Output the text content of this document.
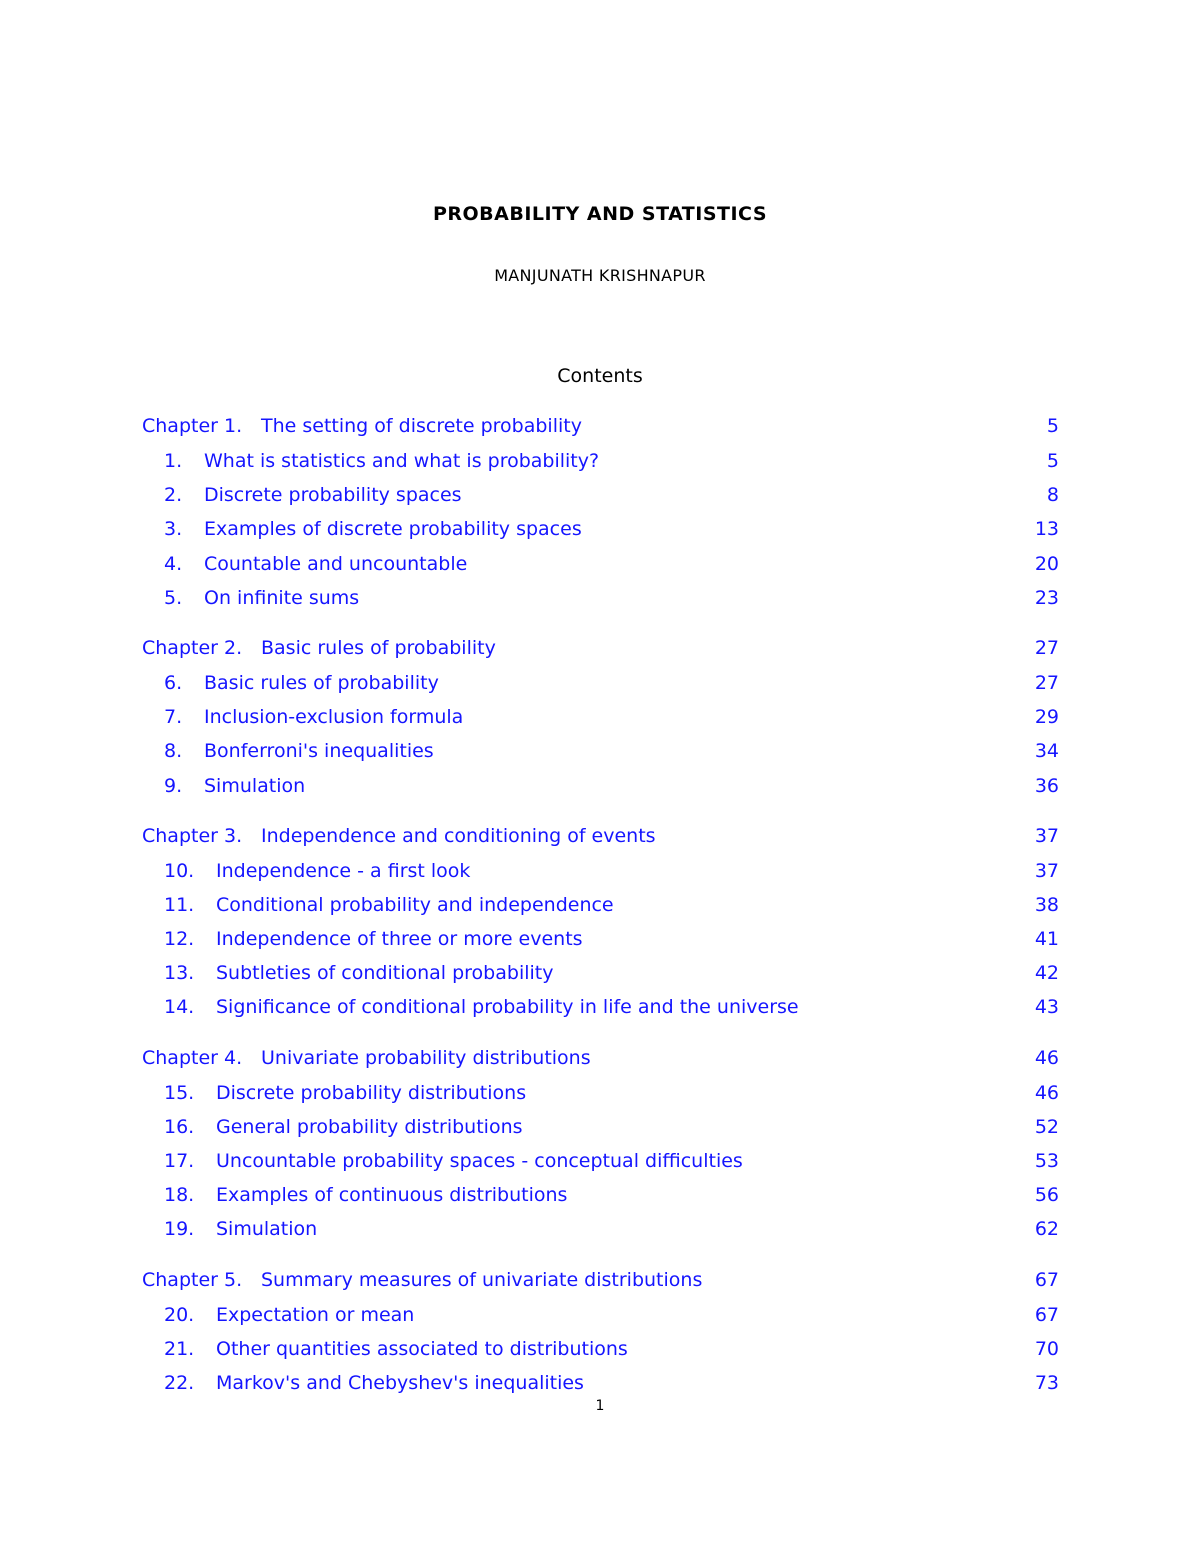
PROBABILITY AND STATISTICS
MANJUNATH KRISHNAPUR
Contents
Chapter 1. The setting of discrete probability	5
1. What is statistics and what is probability?	5
2. Discrete probability spaces	8
3. Examples of discrete probability spaces	13
4. Countable and uncountable	20
5. On infinite sums	23
Chapter 2. Basic rules of probability	27
6. Basic rules of probability	27
7. Inclusion-exclusion formula	29
8. Bonferroni's inequalities	34
9. Simulation	36
Chapter 3. Independence and conditioning of events	37
10. Independence - a first look	37
11. Conditional probability and independence	38
12. Independence of three or more events	41
13. Subtleties of conditional probability	42
14. Significance of conditional probability in life and the universe	43
Chapter 4. Univariate probability distributions	46
15. Discrete probability distributions	46
16. General probability distributions	52
17. Uncountable probability spaces - conceptual difficulties	53
18. Examples of continuous distributions	56
19. Simulation	62
Chapter 5. Summary measures of univariate distributions	67
20. Expectation or mean	67
21. Other quantities associated to distributions	70
22. Markov's and Chebyshev's inequalities	73
1
